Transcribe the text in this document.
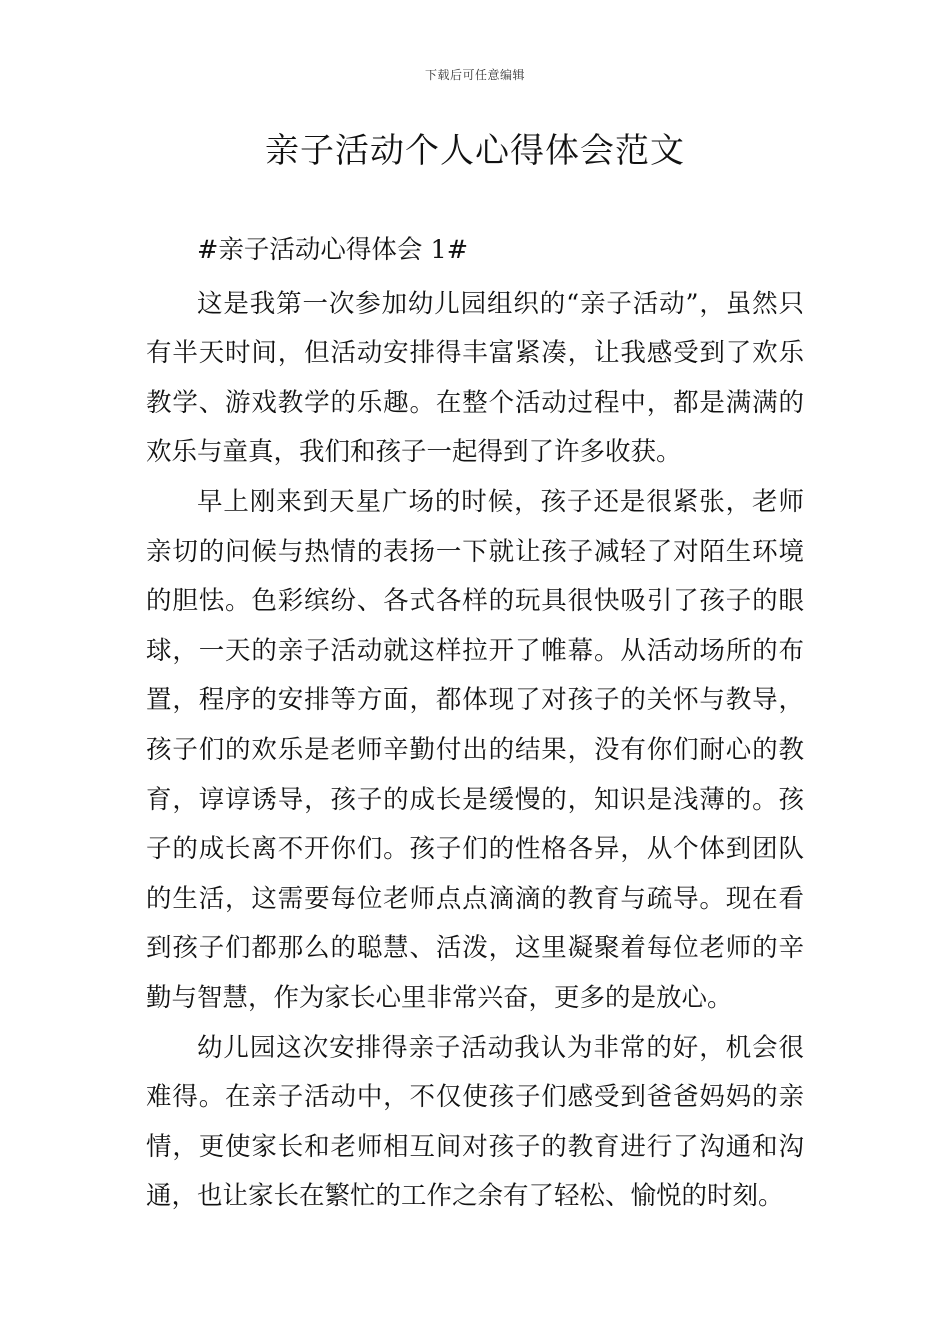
下载后可任意编辑
亲子活动个人心得体会范文

#亲子活动心得体会 1#

这是我第一次参加幼儿园组织的“亲子活动”，虽然只有半天时间，但活动安排得丰富紧凑，让我感受到了欢乐教学、游戏教学的乐趣。在整个活动过程中，都是满满的欢乐与童真，我们和孩子一起得到了许多收获。

早上刚来到天星广场的时候，孩子还是很紧张，老师亲切的问候与热情的表扬一下就让孩子减轻了对陌生环境的胆怯。色彩缤纷、各式各样的玩具很快吸引了孩子的眼球，一天的亲子活动就这样拉开了帷幕。从活动场所的布置，程序的安排等方面，都体现了对孩子的关怀与教导，孩子们的欢乐是老师辛勤付出的结果，没有你们耐心的教育，谆谆诱导，孩子的成长是缓慢的，知识是浅薄的。孩子的成长离不开你们。孩子们的性格各异，从个体到团队的生活，这需要每位老师点点滴滴的教育与疏导。现在看到孩子们都那么的聪慧、活泼，这里凝聚着每位老师的辛勤与智慧，作为家长心里非常兴奋，更多的是放心。

幼儿园这次安排得亲子活动我认为非常的好，机会很难得。在亲子活动中，不仅使孩子们感受到爸爸妈妈的亲情，更使家长和老师相互间对孩子的教育进行了沟通和沟通，也让家长在繁忙的工作之余有了轻松、愉悦的时刻。
